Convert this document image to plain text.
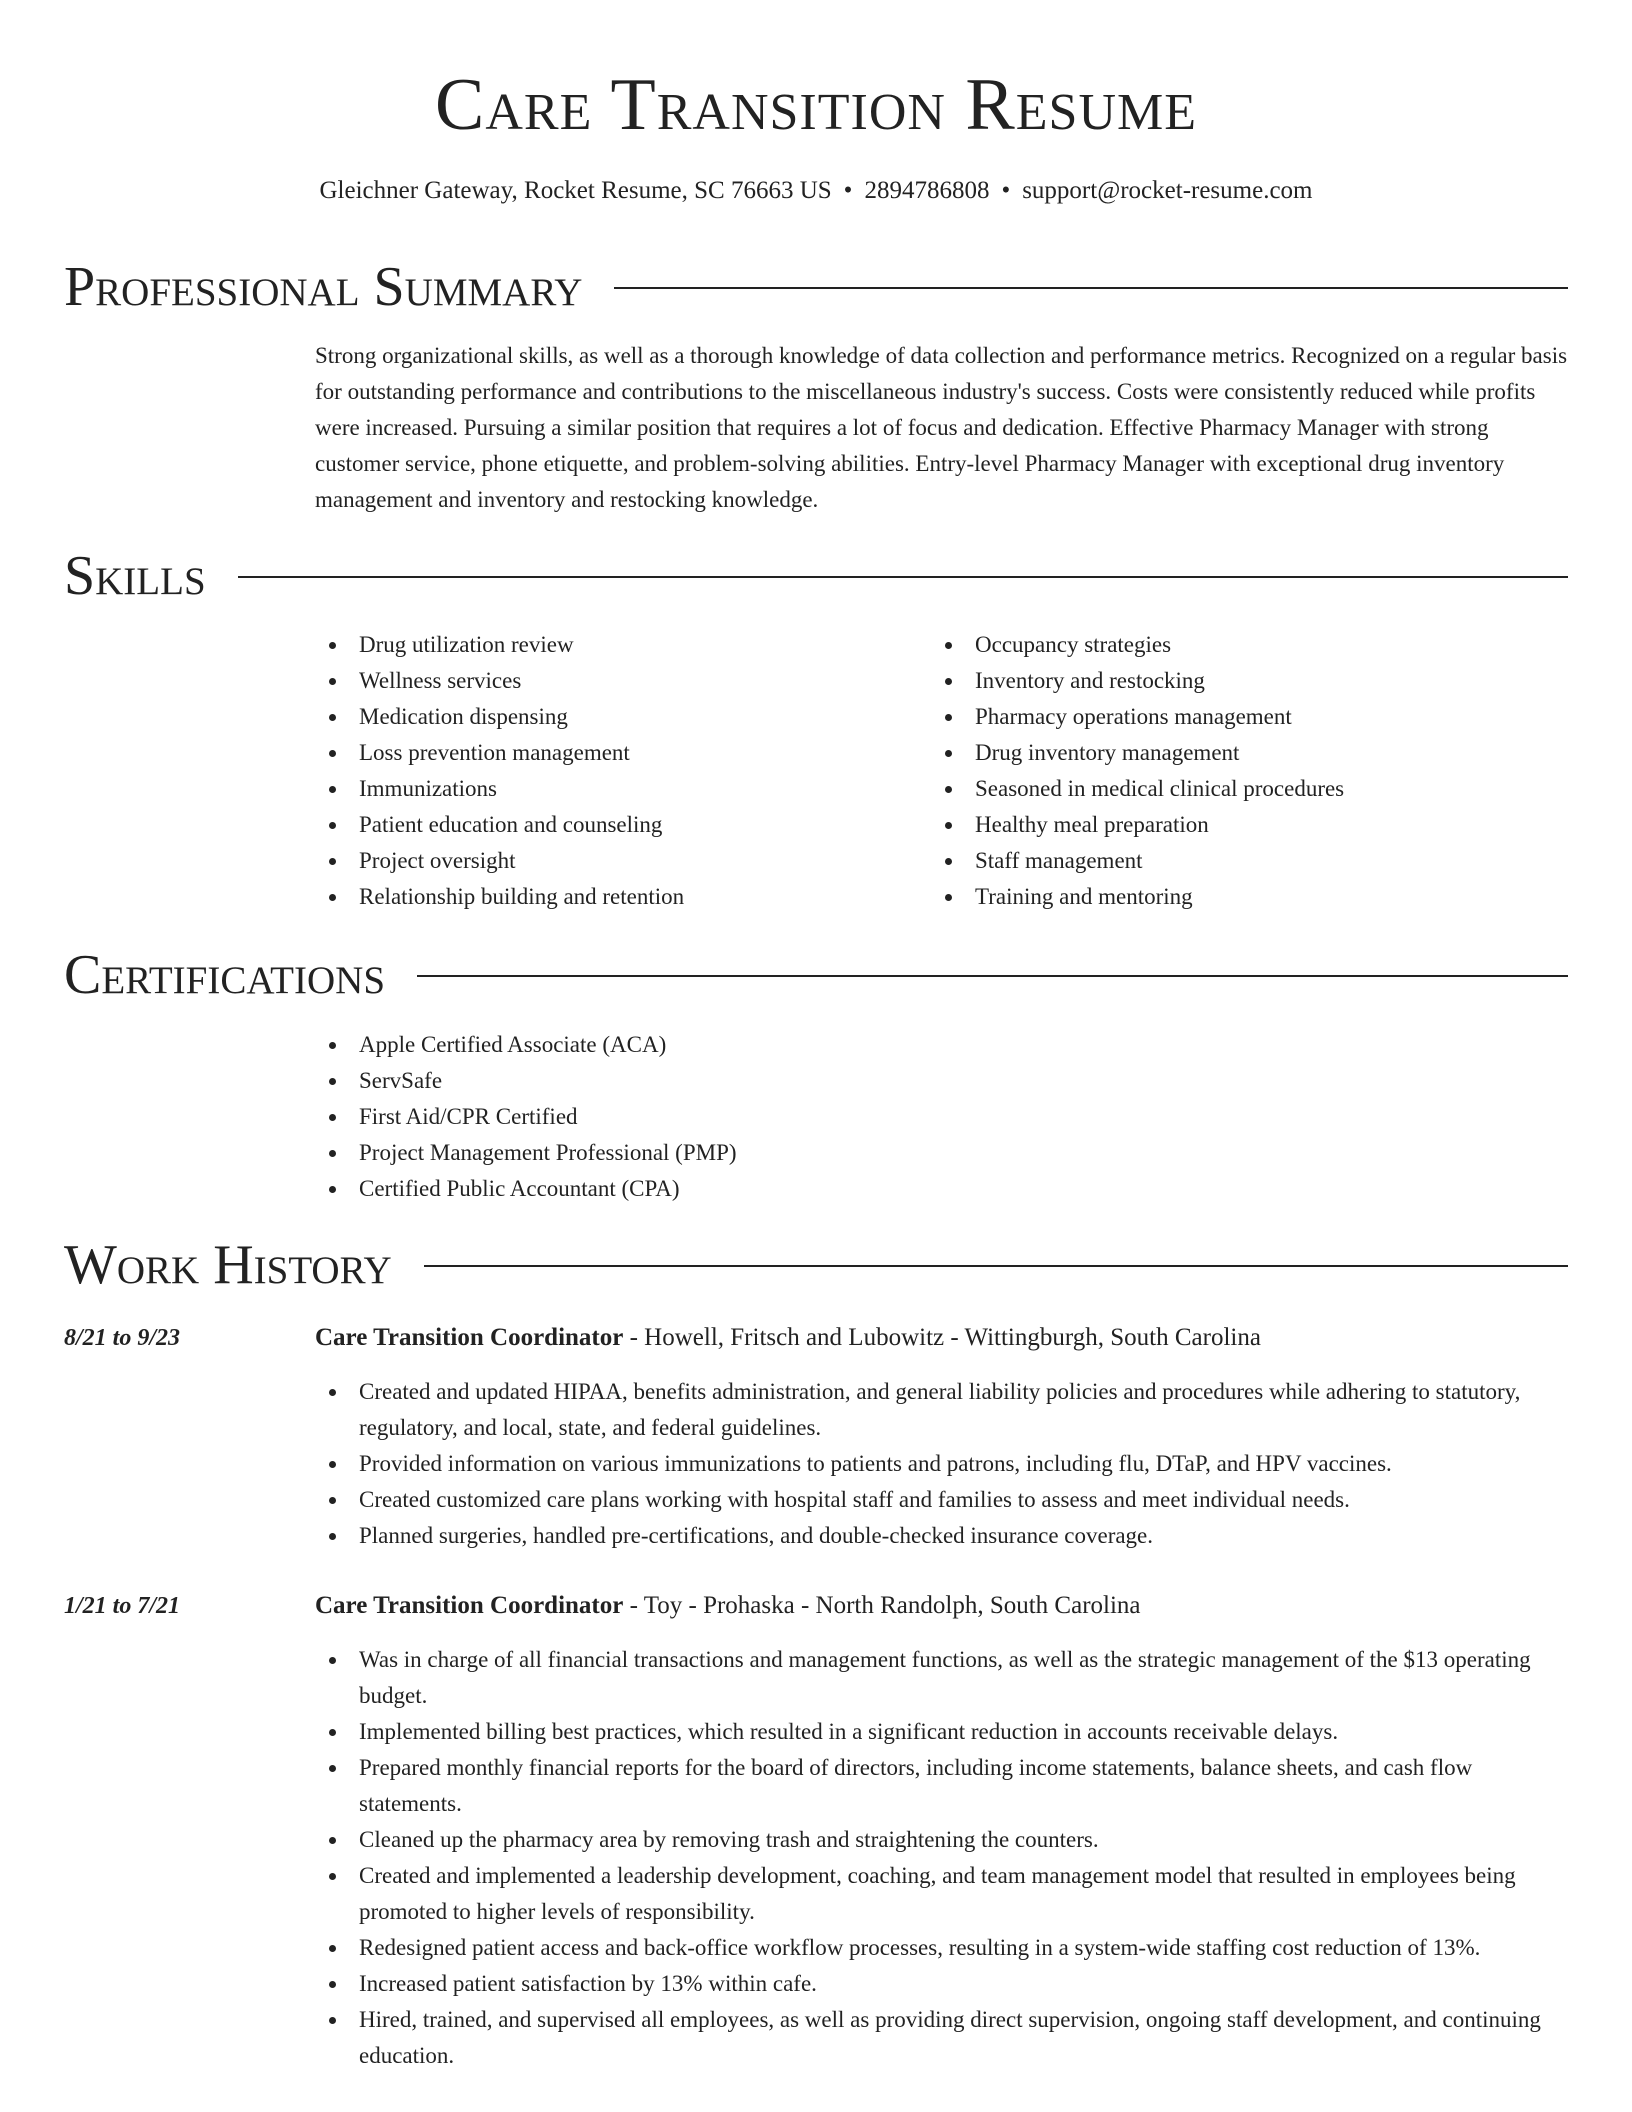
Care Transition Resume
Gleichner Gateway, Rocket Resume, SC 76663 US • 2894786808 • support@rocket-resume.com
Professional Summary

Strong organizational skills, as well as a thorough knowledge of data collection and performance metrics. Recognized on a regular basis for outstanding performance and contributions to the miscellaneous industry's success. Costs were consistently reduced while profits were increased. Pursuing a similar position that requires a lot of focus and dedication. Effective Pharmacy Manager with strong customer service, phone etiquette, and problem-solving abilities. Entry-level Pharmacy Manager with exceptional drug inventory management and inventory and restocking knowledge.

Skills
Drug utilization review
Wellness services
Medication dispensing
Loss prevention management
Immunizations
Patient education and counseling
Project oversight
Relationship building and retention
Occupancy strategies
Inventory and restocking
Pharmacy operations management
Drug inventory management
Seasoned in medical clinical procedures
Healthy meal preparation
Staff management
Training and mentoring
Certifications
Apple Certified Associate (ACA)
ServSafe
First Aid/CPR Certified
Project Management Professional (PMP)
Certified Public Accountant (CPA)
Work History
8/21 to 9/23	Care Transition Coordinator - Howell, Fritsch and Lubowitz - Wittingburgh, South Carolina
Created and updated HIPAA, benefits administration, and general liability policies and procedures while adhering to statutory, regulatory, and local, state, and federal guidelines.
Provided information on various immunizations to patients and patrons, including flu, DTaP, and HPV vaccines.
Created customized care plans working with hospital staff and families to assess and meet individual needs.
Planned surgeries, handled pre-certifications, and double-checked insurance coverage.
1/21 to 7/21	Care Transition Coordinator - Toy - Prohaska - North Randolph, South Carolina
Was in charge of all financial transactions and management functions, as well as the strategic management of the $13 operating budget.
Implemented billing best practices, which resulted in a significant reduction in accounts receivable delays.
Prepared monthly financial reports for the board of directors, including income statements, balance sheets, and cash flow statements.
Cleaned up the pharmacy area by removing trash and straightening the counters.
Created and implemented a leadership development, coaching, and team management model that resulted in employees being promoted to higher levels of responsibility.
Redesigned patient access and back-office workflow processes, resulting in a system-wide staffing cost reduction of 13%.
Increased patient satisfaction by 13% within cafe.
Hired, trained, and supervised all employees, as well as providing direct supervision, ongoing staff development, and continuing education.
